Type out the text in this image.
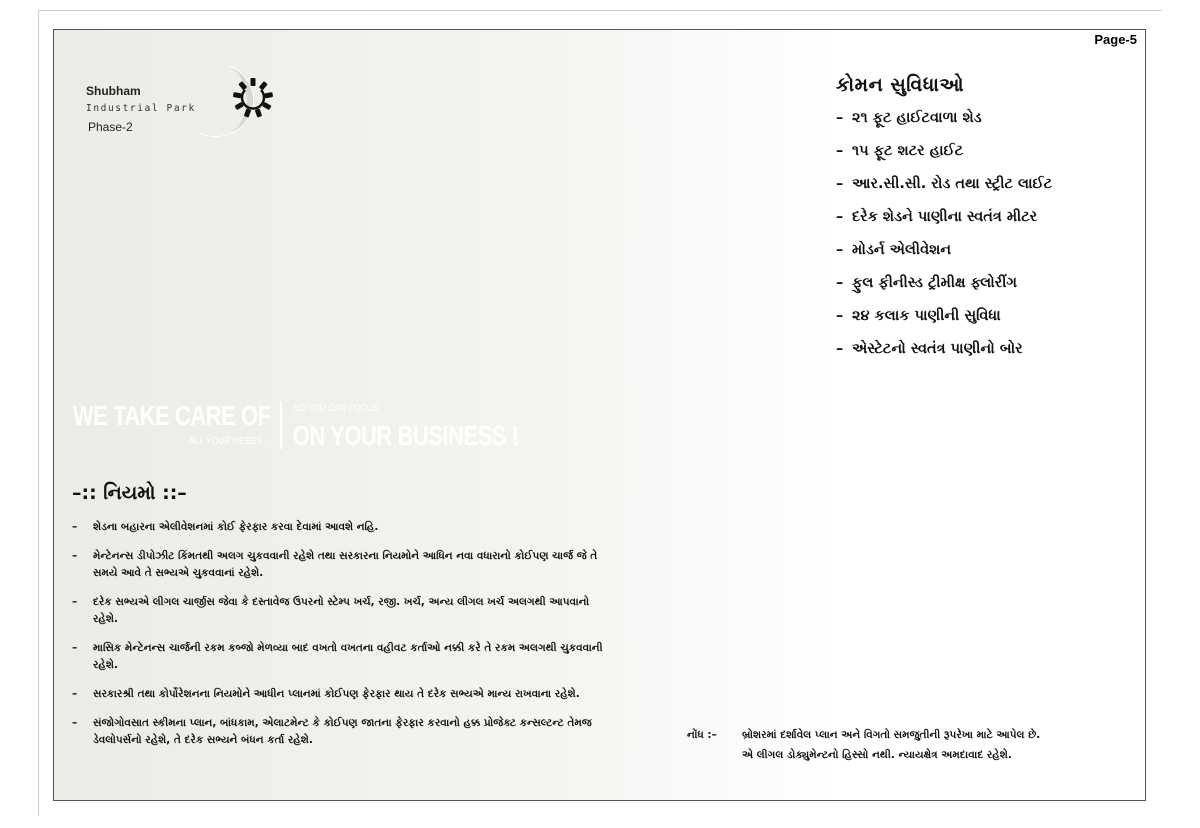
Page-5
Shubham
Industrial Park
Phase-2
કોમન સુવિધાઓ
– ૨૧ ફૂટ હાઈટવાળા શેડ
– ૧૫ ફૂટ શટર હાઈટ
– આર.સી.સી. રોડ તથા સ્ટ્રીટ લાઈટ
– દરેક શેડને પાણીના સ્વતંત્ર મીટર
– મોડર્ન એલીવેશન
– ફુલ ફીનીસ્ડ ટ્રીમીક્ષ ફ્લોરીંગ
– ૨૪ કલાક પાણીની સુવિધા
– એસ્ટેટનો સ્વતંત્ર પાણીનો બોર
WE TAKE CARE OF
ALL YOUR NEEDS..
SO YOU CAN FOCUS
ON YOUR BUSINESS !
–:: નિયમો ::–
–	શેડના બહારના એલીવેશનમાં કોઈ ફેરફાર કરવા દેવામાં આવશે નહિ.
–	મેન્ટેનન્સ ડીપોઝીટ કિંમતથી અલગ ચુકવવાની રહેશે તથા સરકારના નિયમોને આધિન નવા વધારાનો કોઈપણ ચાર્જ જે તે સમયે આવે તે સભ્યએ ચુકવવાનાં રહેશે.
–	દરેક સભ્યએ લીગલ ચાર્જીસ જેવા કે દસ્તાવેજ ઉપરનો સ્ટેમ્પ ખર્ચ, રજી. ખર્ચ, અન્ય લીગલ ખર્ચ અલગથી આપવાનો રહેશે.
–	માસિક મેન્ટેનન્સ ચાર્જની રકમ કબ્જો મેળવ્યા બાદ વખતો વખતના વહીવટ કર્તાઓ નક્કી કરે તે રકમ અલગથી ચુકવવાની રહેશે.
–	સરકારશ્રી તથા કોર્પોરેશનના નિયમોને આધીન પ્લાનમાં કોઈપણ ફેરફાર થાય તે દરેક સભ્યએ માન્ય રાખવાના રહેશે.
–	સંજોગોવસાત સ્કીમના પ્લાન, બાંધકામ, એલાટમેન્ટ કે કોઈપણ જાતના ફેરફાર કરવાનો હક્ક પ્રોજેક્ટ કન્સલ્ટન્ટ તેમજ ડેવલોપર્સનો રહેશે, તે દરેક સભ્યને બંધન કર્તા રહેશે.	નોંધ :–	બ્રોશરમાં દર્શાવેલ પ્લાન અને વિગતો સમજુતીની રૂપરેખા માટે આપેલ છે.
એ લીગલ ડોક્યુમેન્ટનો હિસ્સો નથી. ન્યાયક્ષેત્ર અમદાવાદ રહેશે.
